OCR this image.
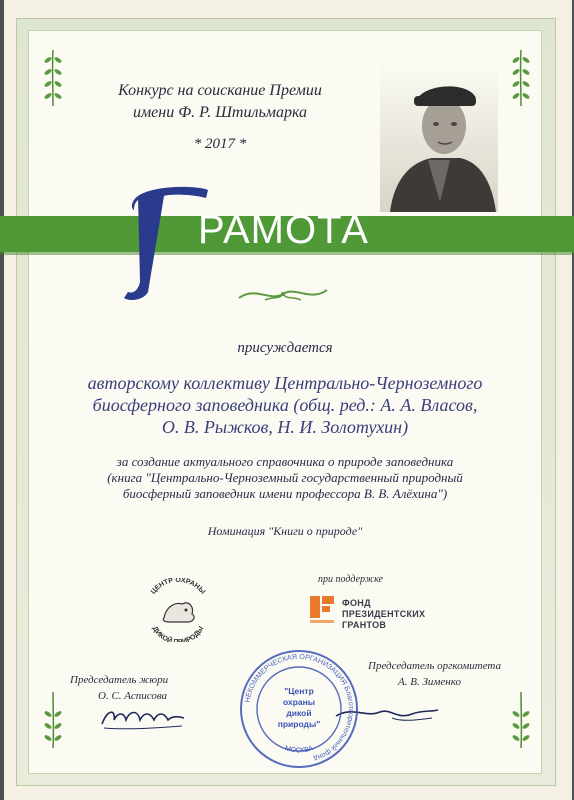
Конкурс на соискание Премии
имени Ф. Р. Штильмарка
* 2017 *
РАМОТА
присуждается
авторскому коллективу Центрально-Черноземного
биосферного заповедника (общ. ред.: А. А. Власов,
О. В. Рыжков, Н. И. Золотухин)
за создание актуального справочника о природе заповедника
(книга "Центрально-Черноземный государственный природный
биосферный заповедник имени профессора В. В. Алёхина")
Номинация "Книги о природе"
ЦЕНТР ОХРАНЫ
ДИКОЙ ИРОДЫ
при поддержке
ФОНД
ПРЕЗИДЕНТСКИХ
ГРАНТОВ
Председатель жюри
О. С. Асписова
Председатель оргкомитета
А. В. Зименко
НЕКОММЕРЧЕСКАЯ ОРГАНИЗАЦИЯ Благотворительный фонд
"Центр
охраны
дикой
природы"
МОСКВА
